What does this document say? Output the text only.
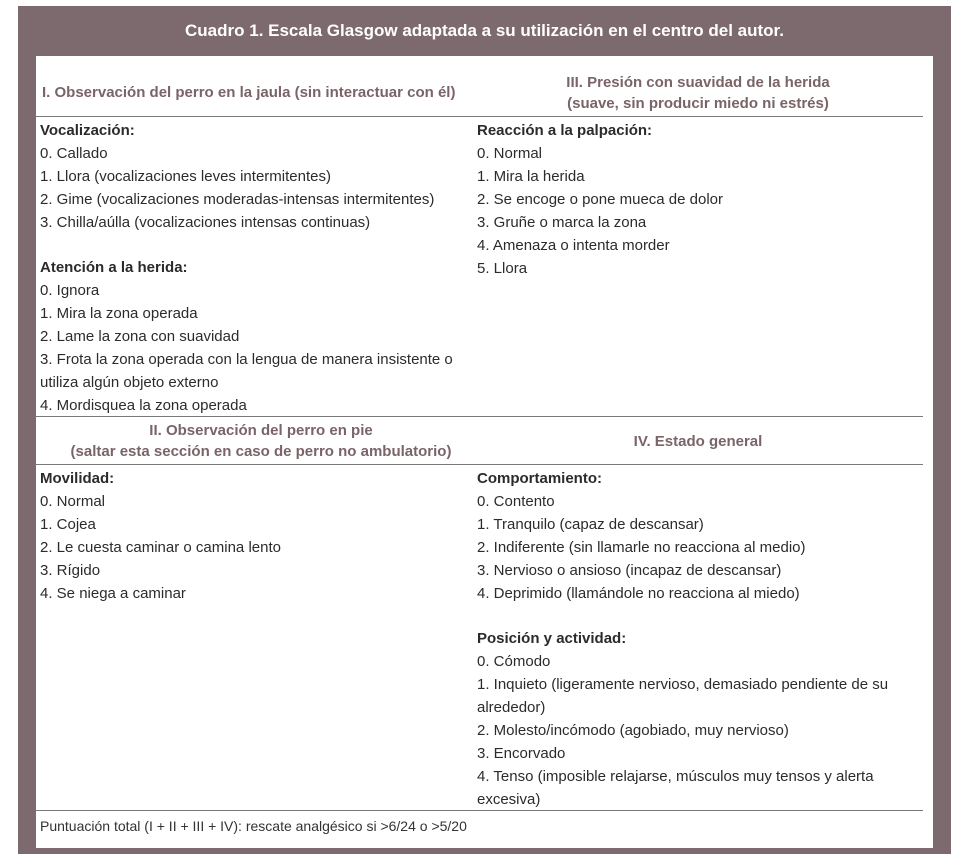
Cuadro 1. Escala Glasgow adaptada a su utilización en el centro del autor.
I. Observación del perro en la jaula (sin interactuar con él)
III. Presión con suavidad de la herida
(suave, sin producir miedo ni estrés)
Vocalización:
0. Callado
1. Llora (vocalizaciones leves intermitentes)
2. Gime (vocalizaciones moderadas-intensas intermitentes)
3. Chilla/aúlla (vocalizaciones intensas continuas)
Atención a la herida:
0. Ignora
1. Mira la zona operada
2. Lame la zona con suavidad
3. Frota la zona operada con la lengua de manera insistente o utiliza algún objeto externo
4. Mordisquea la zona operada
Reacción a la palpación:
0. Normal
1. Mira la herida
2. Se encoge o pone mueca de dolor
3. Gruñe o marca la zona
4. Amenaza o intenta morder
5. Llora
II. Observación del perro en pie
(saltar esta sección en caso de perro no ambulatorio)
IV. Estado general
Movilidad:
0. Normal
1. Cojea
2. Le cuesta caminar o camina lento
3. Rígido
4. Se niega a caminar
Comportamiento:
0. Contento
1. Tranquilo (capaz de descansar)
2. Indiferente (sin llamarle no reacciona al medio)
3. Nervioso o ansioso (incapaz de descansar)
4. Deprimido (llamándole no reacciona al miedo)
Posición y actividad:
0. Cómodo
1. Inquieto (ligeramente nervioso, demasiado pendiente de su alrededor)
2. Molesto/incómodo (agobiado, muy nervioso)
3. Encorvado
4. Tenso (imposible relajarse, músculos muy tensos y alerta excesiva)
Puntuación total (I + II + III + IV): rescate analgésico si >6/24 o >5/20
